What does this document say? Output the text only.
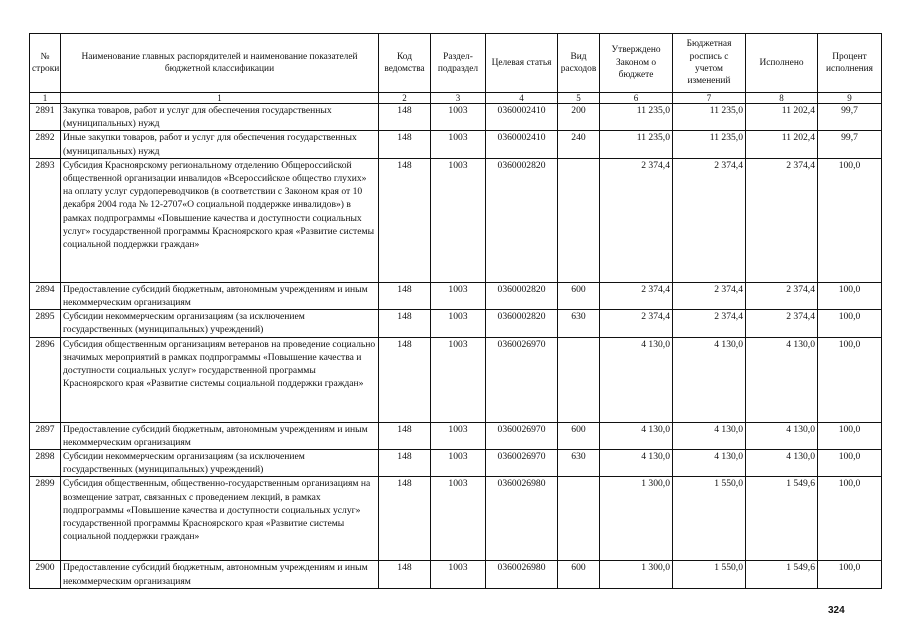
№ строки	Наименование главных распорядителей и наименование показателей бюджетной классификации	Код ведомства	Раздел-подраздел	Целевая статья	Вид расходов	Утверждено Законом о бюджете	Бюджетная роспись с учетом изменений	Исполнено	Процент исполнения
1	1	2	3	4	5	6	7	8	9
2891	Закупка товаров, работ и услуг для обеспечения государственных (муниципальных) нужд	148	1003	0360002410	200	11 235,0	11 235,0	11 202,4	99,7
2892	Иные закупки товаров, работ и услуг для обеспечения государственных (муниципальных) нужд	148	1003	0360002410	240	11 235,0	11 235,0	11 202,4	99,7
2893	Субсидия Красноярскому региональному отделению Общероссийской общественной организации инвалидов «Всероссийское общество глухих» на оплату услуг сурдопереводчиков (в соответствии с Законом края от 10 декабря 2004 года № 12-2707«О социальной поддержке инвалидов») в рамках подпрограммы «Повышение качества и доступности социальных услуг» государственной программы Красноярского края «Развитие системы социальной поддержки граждан»	148	1003	0360002820		2 374,4	2 374,4	2 374,4	100,0
2894	Предоставление субсидий бюджетным, автономным учреждениям и иным некоммерческим организациям	148	1003	0360002820	600	2 374,4	2 374,4	2 374,4	100,0
2895	Субсидии некоммерческим организациям (за исключением государственных (муниципальных) учреждений)	148	1003	0360002820	630	2 374,4	2 374,4	2 374,4	100,0
2896	Субсидия общественным организациям ветеранов на проведение социально значимых мероприятий в рамках подпрограммы «Повышение качества и доступности социальных услуг» государственной программы Красноярского края «Развитие системы социальной поддержки граждан»	148	1003	0360026970		4 130,0	4 130,0	4 130,0	100,0
2897	Предоставление субсидий бюджетным, автономным учреждениям и иным некоммерческим организациям	148	1003	0360026970	600	4 130,0	4 130,0	4 130,0	100,0
2898	Субсидии некоммерческим организациям (за исключением государственных (муниципальных) учреждений)	148	1003	0360026970	630	4 130,0	4 130,0	4 130,0	100,0
2899	Субсидия общественным, общественно-государственным организациям на возмещение затрат, связанных с проведением лекций, в рамках подпрограммы «Повышение качества и доступности социальных услуг» государственной программы Красноярского края «Развитие системы социальной поддержки граждан»	148	1003	0360026980		1 300,0	1 550,0	1 549,6	100,0
2900	Предоставление субсидий бюджетным, автономным учреждениям и иным некоммерческим организациям	148	1003	0360026980	600	1 300,0	1 550,0	1 549,6	100,0
324
